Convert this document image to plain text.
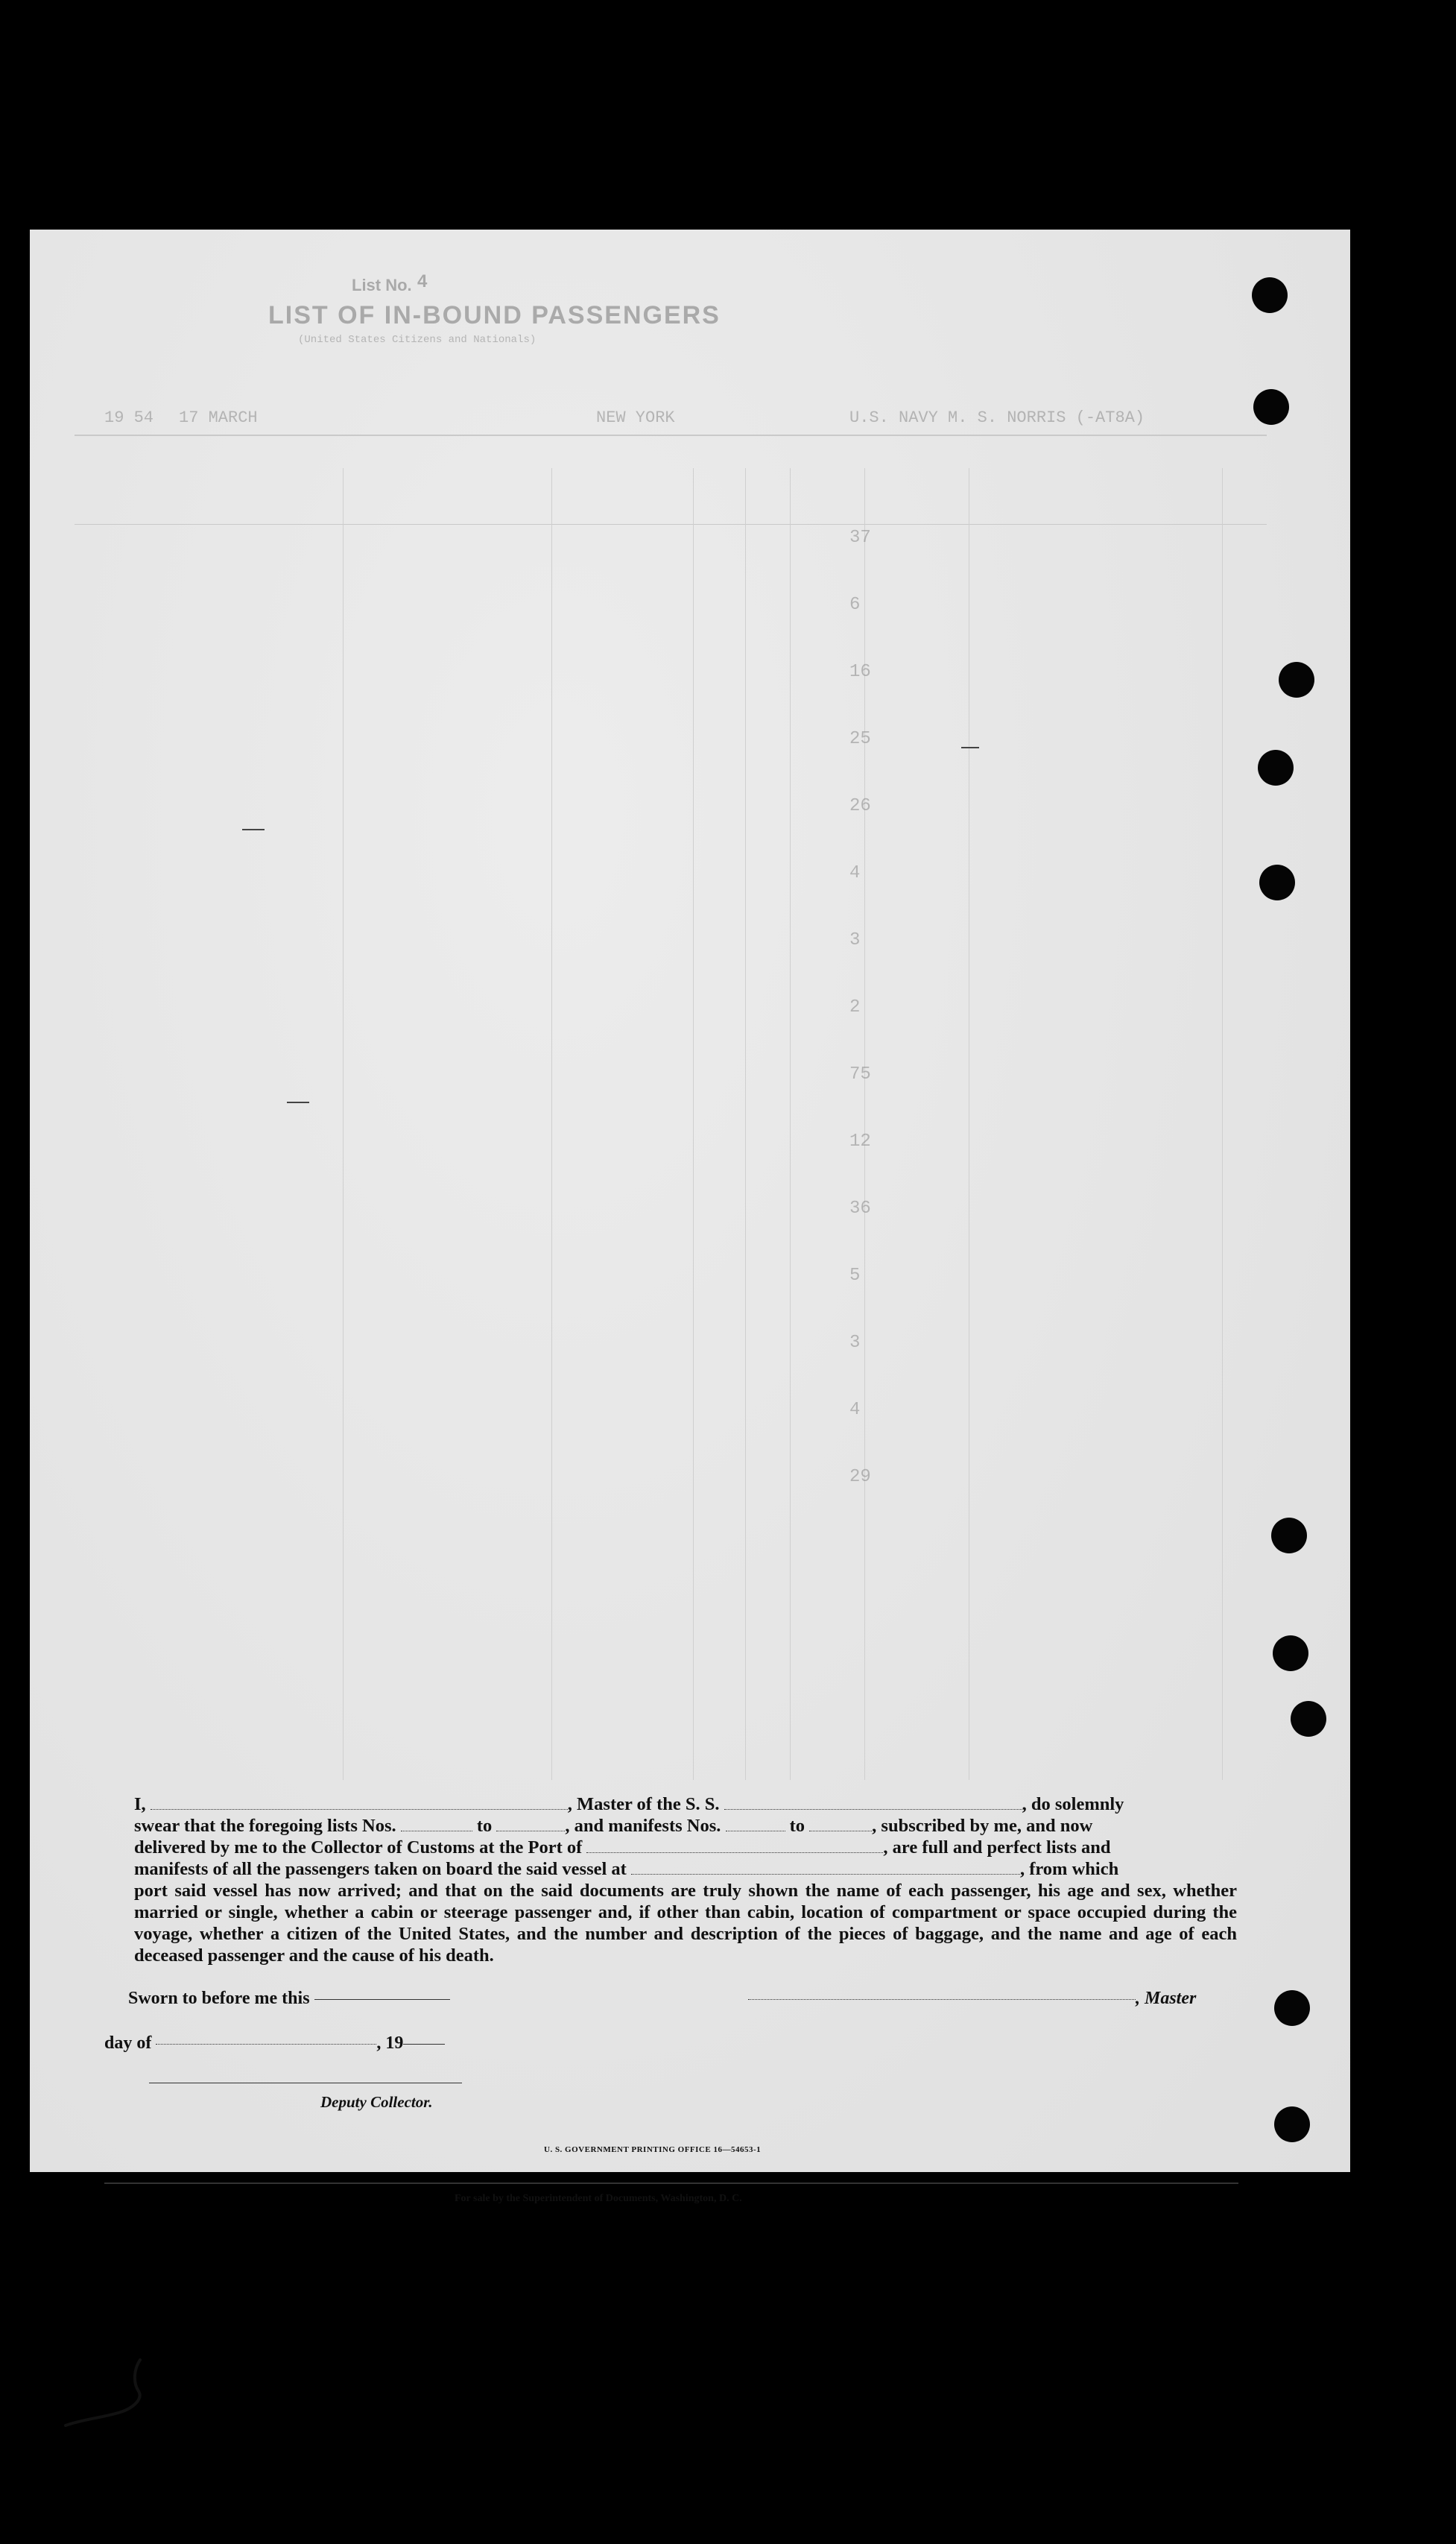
List No. 4
LIST OF IN-BOUND PASSENGERS
(United States Citizens and Nationals)
U.S. NAVY M. S. NORRIS (-AT8A)
NEW YORK
17 MARCH
19 54
37
6
16
25
26
4
3
2
75
12
36
5
3
4
29
I,	, Master of the S. S.	, do solemnly
swear that the foregoing lists Nos.	to	, and manifests Nos.	to	, subscribed by me, and now
delivered by me to the Collector of Customs at the Port of	, are full and perfect lists and
manifests of all the passengers taken on board the said vessel at	, from which
port said vessel has now arrived; and that on the said documents are truly shown the name of each passenger, his age and sex, whether married or single, whether a cabin or steerage passenger and, if other than cabin, location of compartment or space occupied during the voyage, whether a citizen of the United States, and the number and description of the pieces of baggage, and the name and age of each deceased passenger and the cause of his death.
Sworn to before me this	, Master
day of	, 19
Deputy Collector.
U. S. GOVERNMENT PRINTING OFFICE 16—54653-1
For sale by the Superintendent of Documents, Washington, D. C.
